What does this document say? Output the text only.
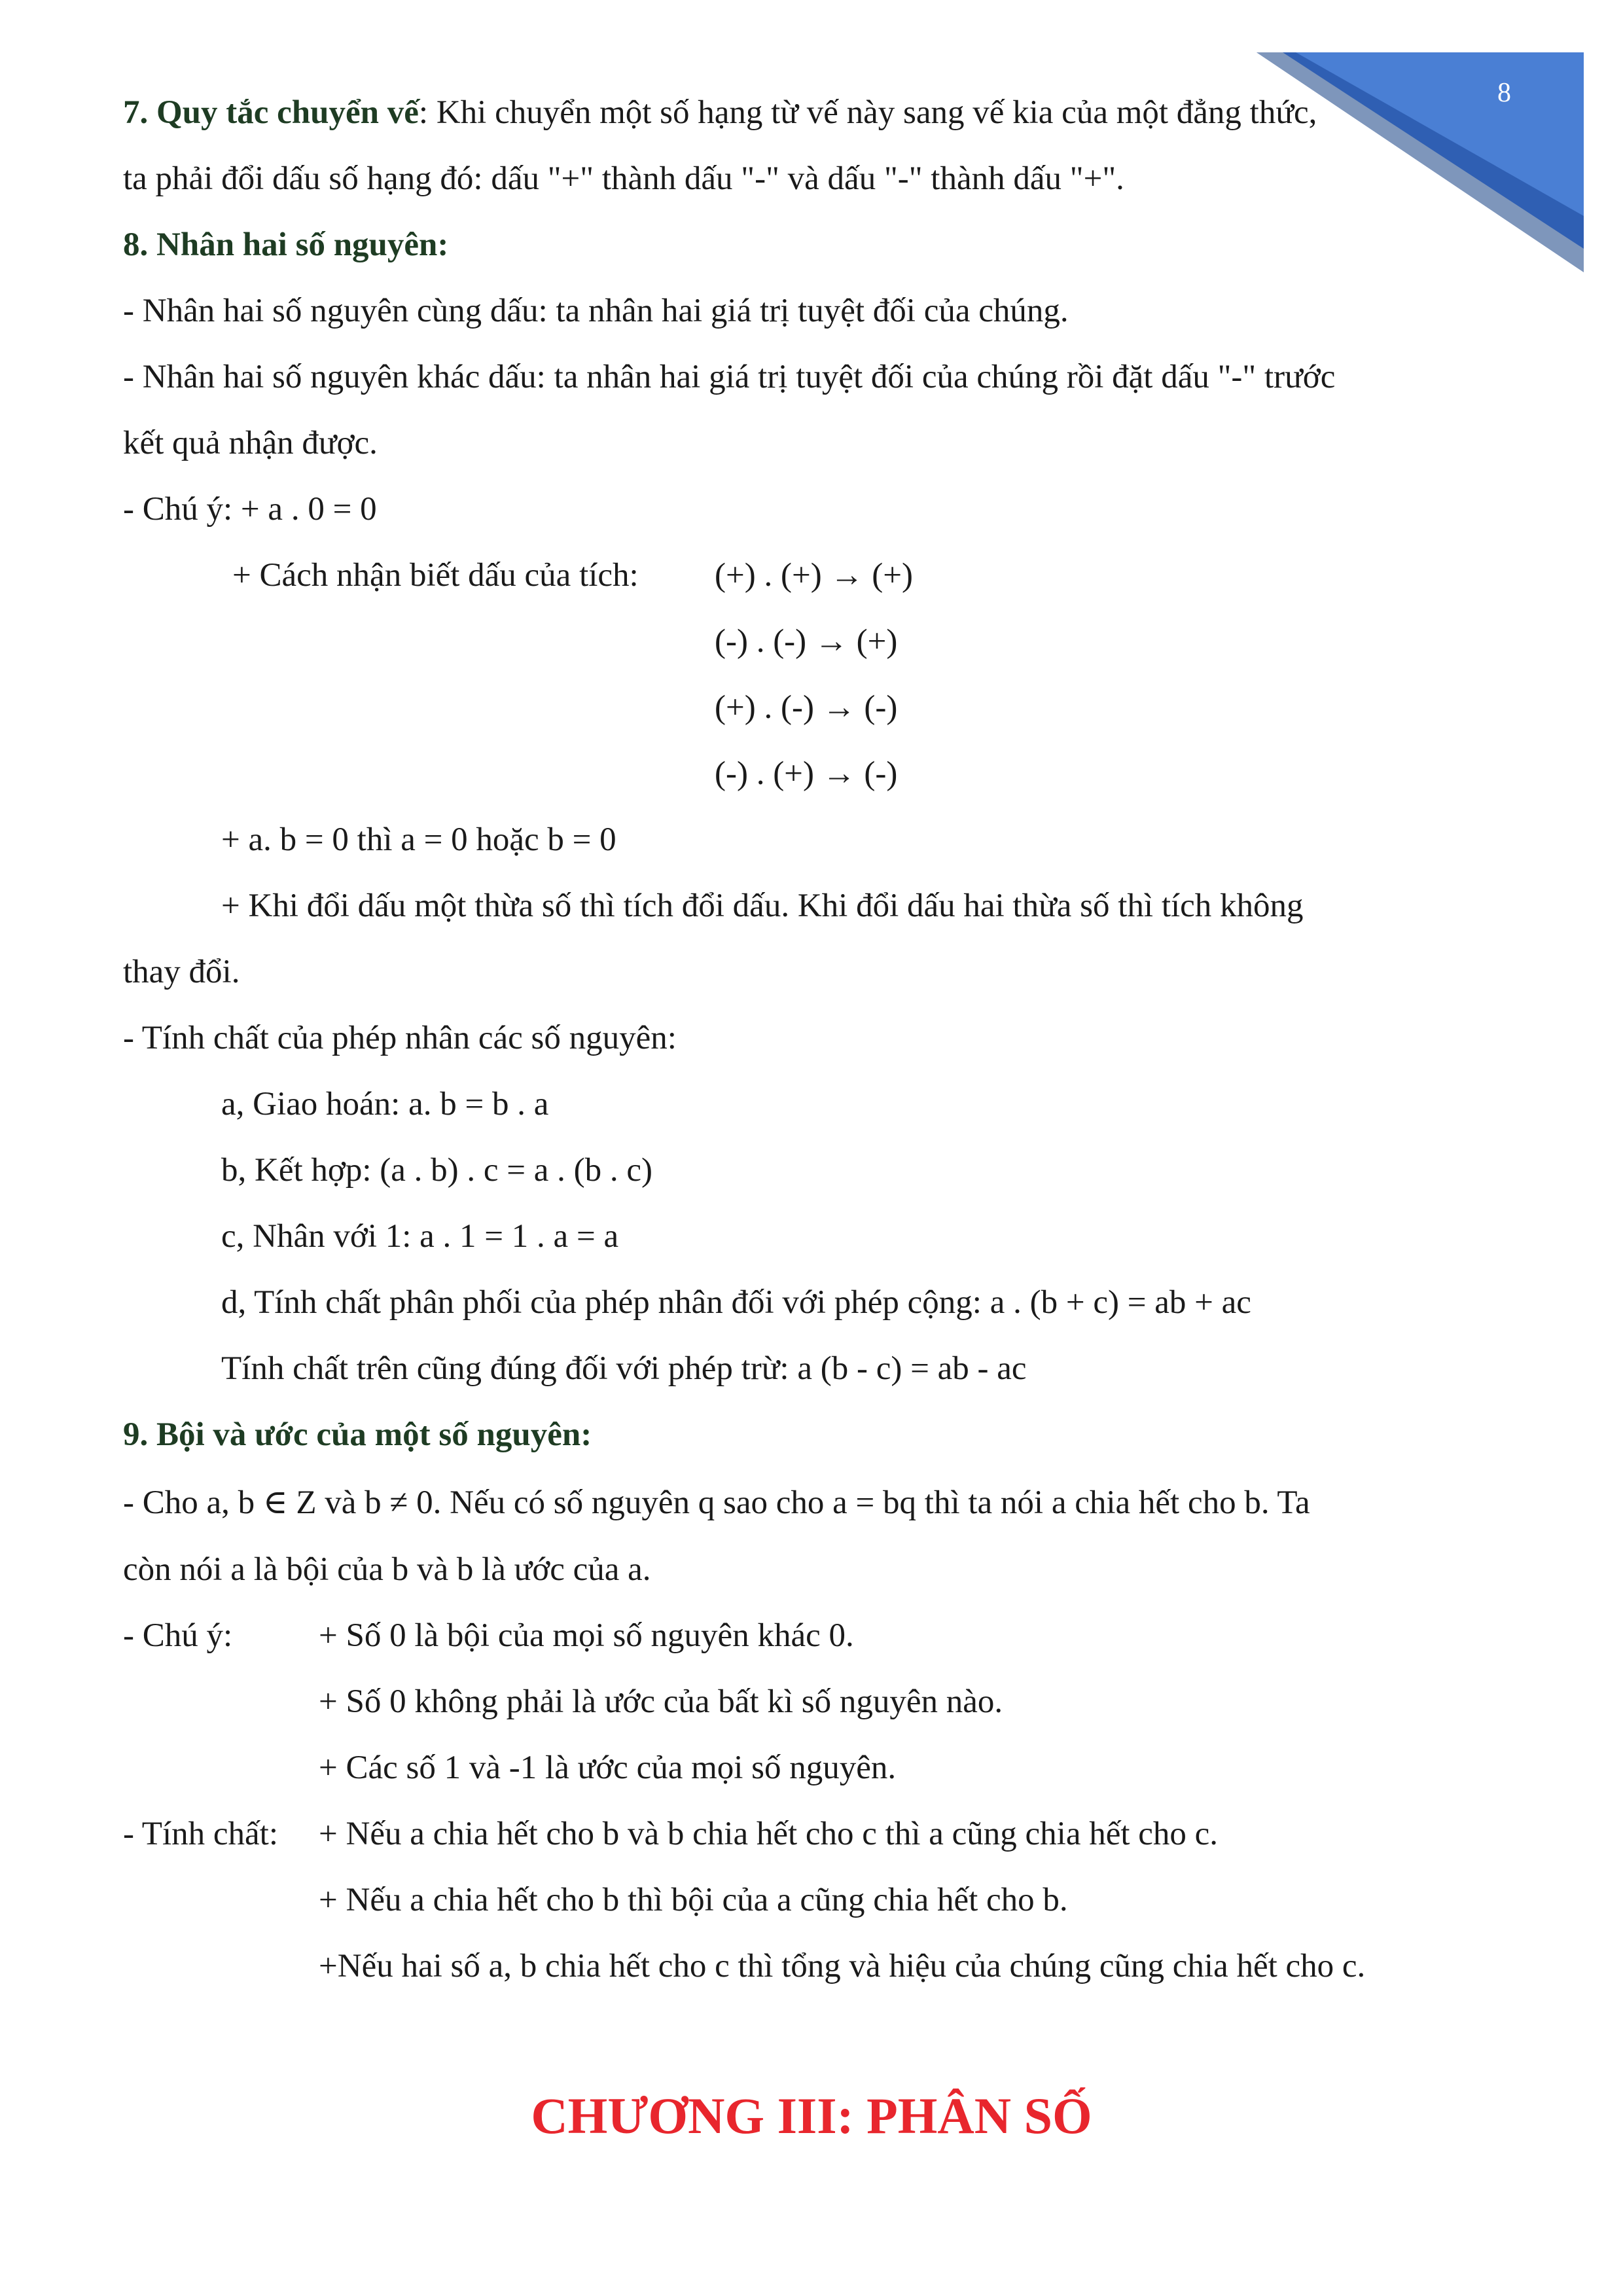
8

7. Quy tắc chuyển vế: Khi chuyển một số hạng từ vế này sang vế kia của một đẳng thức,

ta phải đổi dấu số hạng đó: dấu "+" thành dấu "-" và dấu "-" thành dấu "+".

8. Nhân hai số nguyên:

- Nhân hai số nguyên cùng dấu: ta nhân hai giá trị tuyệt đối của chúng.

- Nhân hai số nguyên khác dấu: ta nhân hai giá trị tuyệt đối của chúng rồi đặt dấu "-" trước

kết quả nhận được.

- Chú ý: + a . 0 = 0

+ Cách nhận biết dấu của tích:	(+) . (+) → (+)

(-) . (-) → (+)

(+) . (-) → (-)

(-) . (+) → (-)

+ a. b = 0 thì a = 0 hoặc b = 0

+ Khi đổi dấu một thừa số thì tích đổi dấu. Khi đổi dấu hai thừa số thì tích không

thay đổi.

- Tính chất của phép nhân các số nguyên:

a, Giao hoán: a. b = b . a

b, Kết hợp: (a . b) . c = a . (b . c)

c, Nhân với 1: a . 1 = 1 . a = a

d, Tính chất phân phối của phép nhân đối với phép cộng: a . (b + c) = ab + ac

Tính chất trên cũng đúng đối với phép trừ: a (b - c) = ab - ac

9. Bội và ước của một số nguyên:

- Cho a, b ∈ Z và b ≠ 0. Nếu có số nguyên q sao cho a = bq thì ta nói a chia hết cho b. Ta

còn nói a là bội của b và b là ước của a.

- Chú ý:	+ Số 0 là bội của mọi số nguyên khác 0.

+ Số 0 không phải là ước của bất kì số nguyên nào.

+ Các số 1 và -1 là ước của mọi số nguyên.

- Tính chất:	+ Nếu a chia hết cho b và b chia hết cho c thì a cũng chia hết cho c.

+ Nếu a chia hết cho b thì bội của a cũng chia hết cho b.

+Nếu hai số a, b chia hết cho c thì tổng và hiệu của chúng cũng chia hết cho c.

CHƯƠNG III: PHÂN SỐ
